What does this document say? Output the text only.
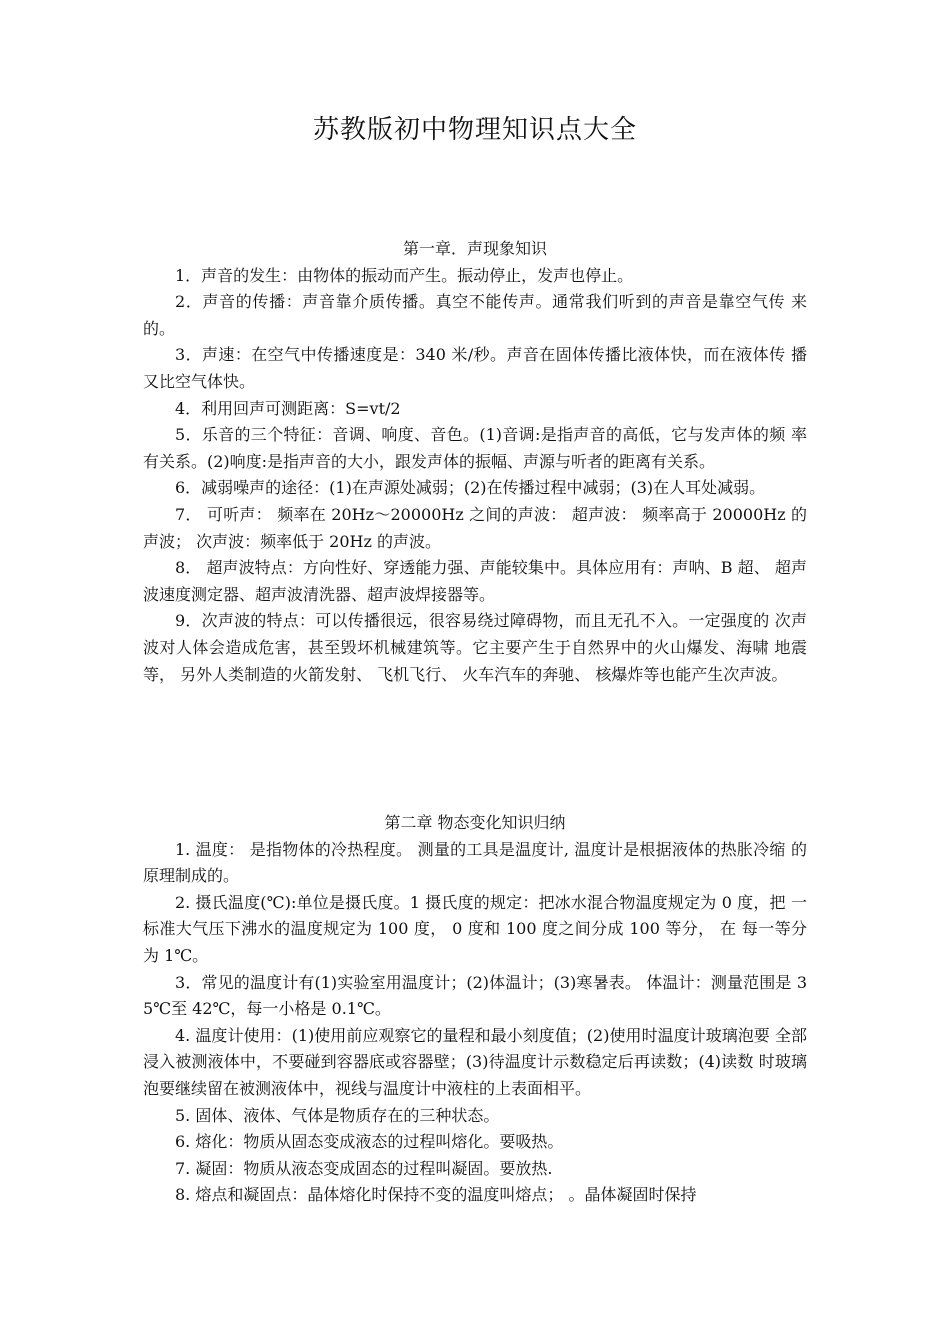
苏教版初中物理知识点大全

第一章．声现象知识

1．声音的发生：由物体的振动而产生。振动停止，发声也停止。

2．声音的传播：声音靠介质传播。真空不能传声。通常我们听到的声音是靠空气传 来的。

3．声速：在空气中传播速度是：340 米/秒。声音在固体传播比液体快，而在液体传 播又比空气体快。

4．利用回声可测距离：S=vt/2

5．乐音的三个特征：音调、响度、音色。(1)音调:是指声音的高低，它与发声体的频 率有关系。(2)响度:是指声音的大小，跟发声体的振幅、声源与听者的距离有关系。

6．减弱噪声的途径：(1)在声源处减弱；(2)在传播过程中减弱；(3)在人耳处减弱。

7． 可听声： 频率在 20Hz～20000Hz 之间的声波： 超声波： 频率高于 20000Hz 的声波； 次声波：频率低于 20Hz 的声波。

8． 超声波特点：方向性好、穿透能力强、声能较集中。具体应用有：声呐、B 超、 超声波速度测定器、超声波清洗器、超声波焊接器等。

9．次声波的特点：可以传播很远，很容易绕过障碍物，而且无孔不入。一定强度的 次声波对人体会造成危害，甚至毁坏机械建筑等。它主要产生于自然界中的火山爆发、海啸 地震等， 另外人类制造的火箭发射、 飞机飞行、 火车汽车的奔驰、 核爆炸等也能产生次声波。

第二章 物态变化知识归纳

1. 温度： 是指物体的冷热程度。 测量的工具是温度计, 温度计是根据液体的热胀冷缩 的原理制成的。

2. 摄氏温度(℃):单位是摄氏度。1 摄氏度的规定：把冰水混合物温度规定为 0 度，把 一标准大气压下沸水的温度规定为 100 度， 0 度和 100 度之间分成 100 等分， 在 每一等分为 1℃。

3．常见的温度计有(1)实验室用温度计；(2)体温计；(3)寒暑表。 体温计：测量范围是 35℃至 42℃，每一小格是 0.1℃。

4. 温度计使用：(1)使用前应观察它的量程和最小刻度值；(2)使用时温度计玻璃泡要 全部浸入被测液体中，不要碰到容器底或容器壁；(3)待温度计示数稳定后再读数；(4)读数 时玻璃泡要继续留在被测液体中，视线与温度计中液柱的上表面相平。

5. 固体、液体、气体是物质存在的三种状态。

6. 熔化：物质从固态变成液态的过程叫熔化。要吸热。

7. 凝固：物质从液态变成固态的过程叫凝固。要放热.

8. 熔点和凝固点：晶体熔化时保持不变的温度叫熔点； 。晶体凝固时保持
